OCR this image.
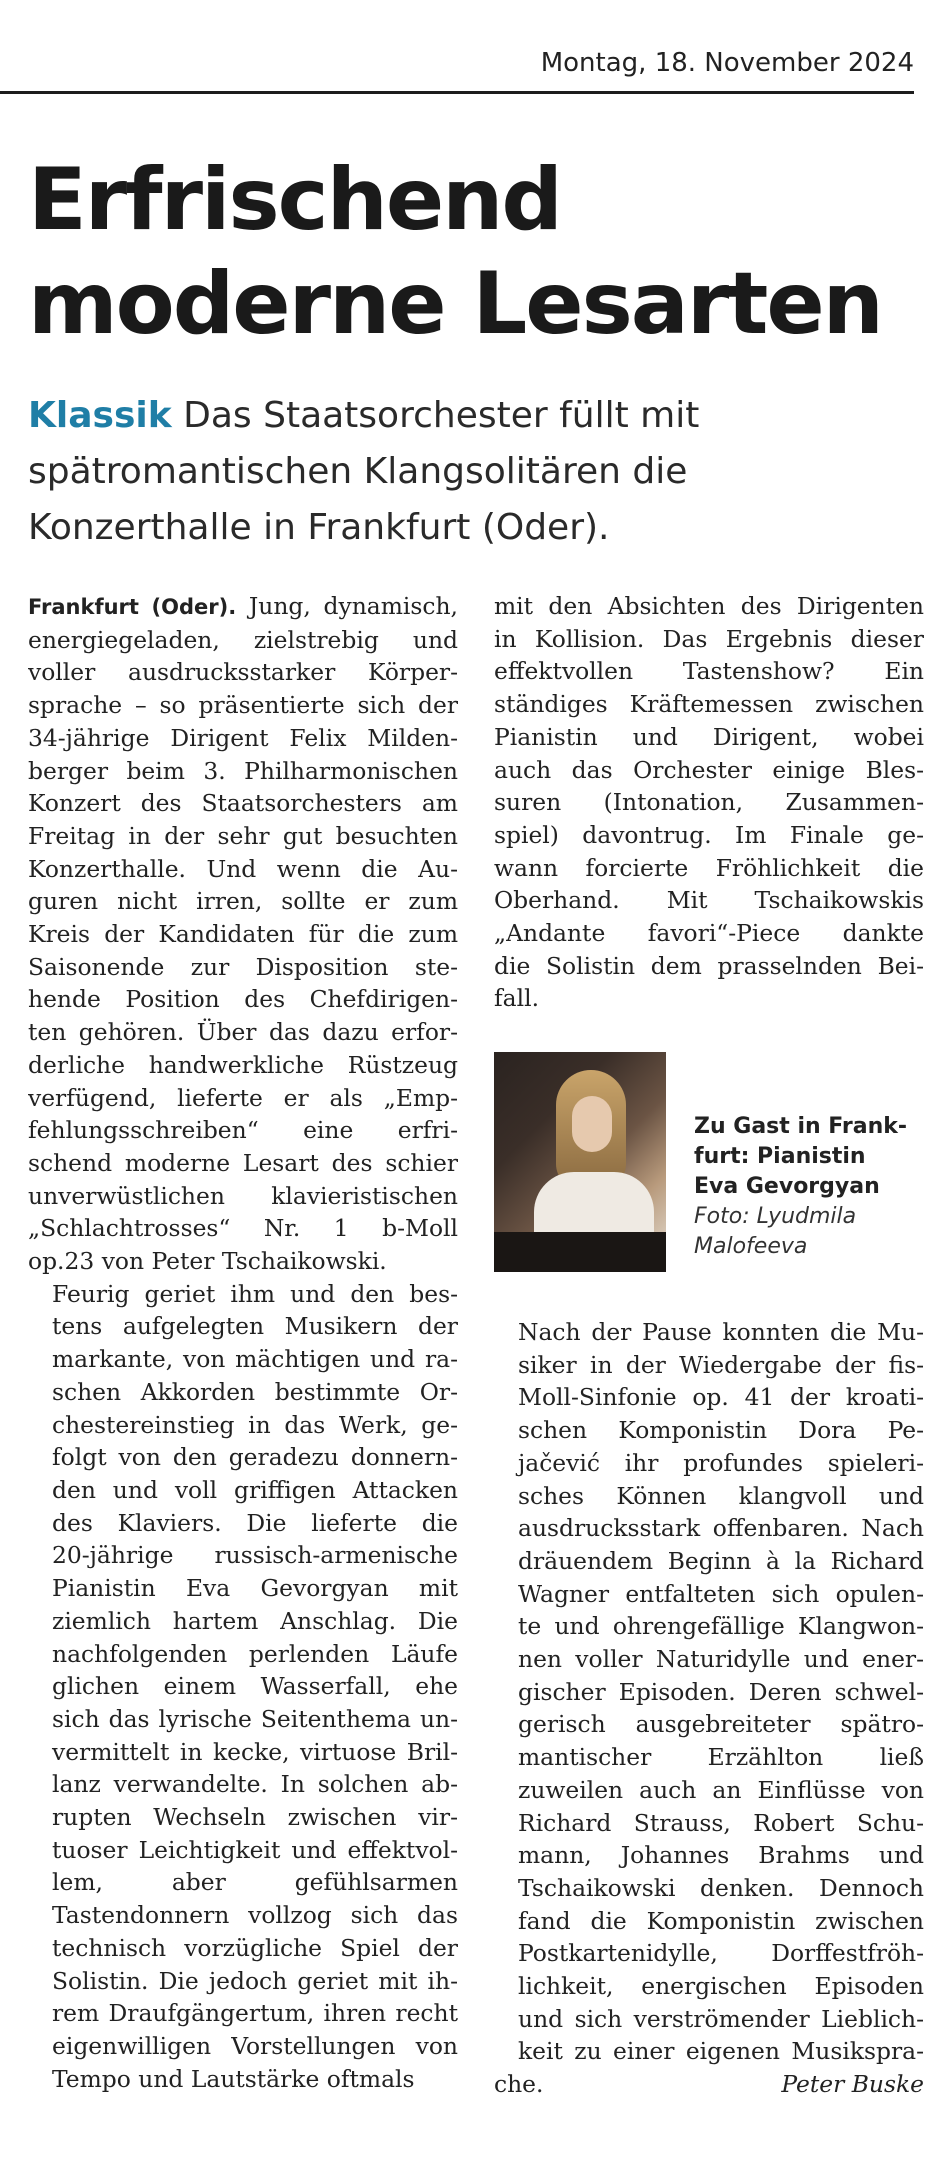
Montag, 18. November 2024
Erfrischend
moderne Lesarten
Klassik Das Staatsorchester füllt mit
spätromantischen Klangsolitären die
Konzerthalle in Frankfurt (Oder).

Frankfurt (Oder). Jung, dynamisch,
energiegeladen, zielstrebig und
voller ausdrucksstarker Körper-
sprache – so präsentierte sich der
34-jährige Dirigent Felix Milden-
berger beim 3. Philharmonischen
Konzert des Staatsorchesters am
Freitag in der sehr gut besuchten
Konzerthalle. Und wenn die Au-
guren nicht irren, sollte er zum
Kreis der Kandidaten für die zum
Saisonende zur Disposition ste-
hende Position des Chefdirigen-
ten gehören. Über das dazu erfor-
derliche handwerkliche Rüstzeug
verfügend, lieferte er als „Emp-
fehlungsschreiben“ eine erfri-
schend moderne Lesart des schier
unverwüstlichen klavieristischen
„Schlachtrosses“ Nr. 1 b-Moll
op.23 von Peter Tschaikowski.

Feurig geriet ihm und den bes-
tens aufgelegten Musikern der
markante, von mächtigen und ra-
schen Akkorden bestimmte Or-
chestereinstieg in das Werk, ge-
folgt von den geradezu donnern-
den und voll griffigen Attacken
des Klaviers. Die lieferte die
20-jährige russisch-armenische
Pianistin Eva Gevorgyan mit
ziemlich hartem Anschlag. Die
nachfolgenden perlenden Läufe
glichen einem Wasserfall, ehe
sich das lyrische Seitenthema un-
vermittelt in kecke, virtuose Bril-
lanz verwandelte. In solchen ab-
rupten Wechseln zwischen vir-
tuoser Leichtigkeit und effektvol-
lem, aber gefühlsarmen
Tastendonnern vollzog sich das
technisch vorzügliche Spiel der
Solistin. Die jedoch geriet mit ih-
rem Draufgängertum, ihren recht
eigenwilligen Vorstellungen von
Tempo und Lautstärke oftmals

mit den Absichten des Dirigenten
in Kollision. Das Ergebnis dieser
effektvollen Tastenshow? Ein
ständiges Kräftemessen zwischen
Pianistin und Dirigent, wobei
auch das Orchester einige Bles-
suren (Intonation, Zusammen-
spiel) davontrug. Im Finale ge-
wann forcierte Fröhlichkeit die
Oberhand. Mit Tschaikowskis
„Andante favori“-Piece dankte
die Solistin dem prasselnden Bei-
fall.

Zu Gast in Frank-
furt: Pianistin
Eva Gevorgyan
Foto: Lyudmila
Malofeeva

Nach der Pause konnten die Mu-
siker in der Wiedergabe der fis-
Moll-Sinfonie op. 41 der kroati-
schen Komponistin Dora Pe-
jačević ihr profundes spieleri-
sches Können klangvoll und
ausdrucksstark offenbaren. Nach
dräuendem Beginn à la Richard
Wagner entfalteten sich opulen-
te und ohrengefällige Klangwon-
nen voller Naturidylle und ener-
gischer Episoden. Deren schwel-
gerisch ausgebreiteter spätro-
mantischer Erzählton ließ
zuweilen auch an Einflüsse von
Richard Strauss, Robert Schu-
mann, Johannes Brahms und
Tschaikowski denken. Dennoch
fand die Komponistin zwischen
Postkartenidylle, Dorffestfröh-
lichkeit, energischen Episoden
und sich verströmender Lieblich-
keit zu einer eigenen Musikspra-

che.	Peter Buske
